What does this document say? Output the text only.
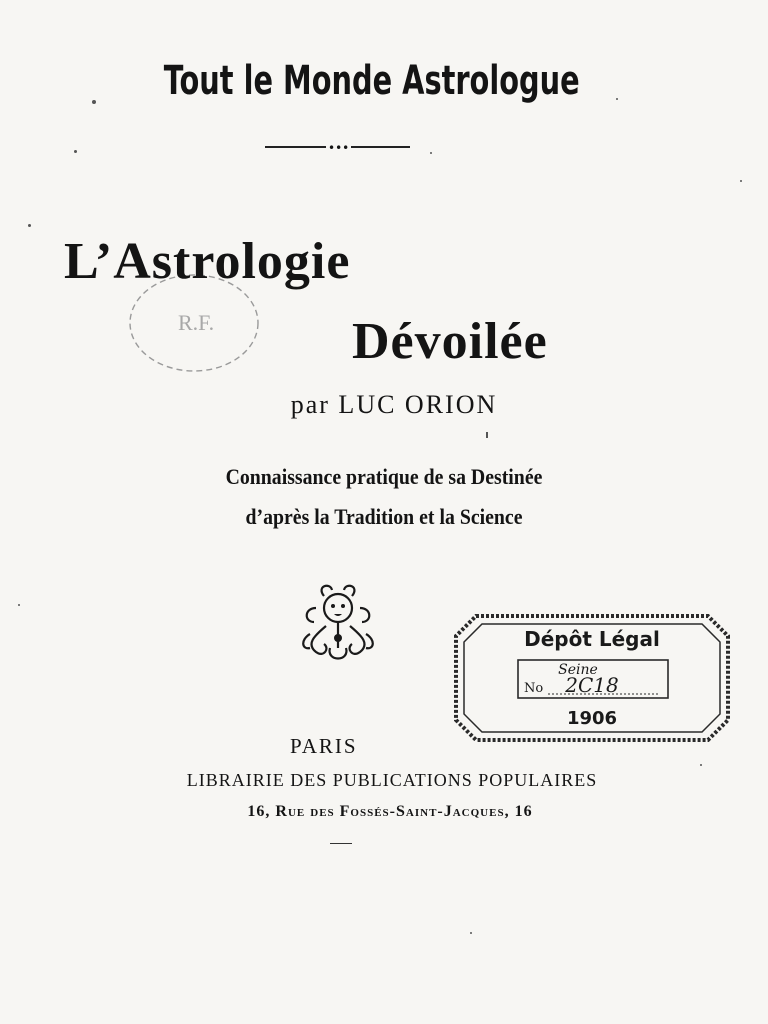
Tout le Monde Astrologue
•••
R.F.
L’Astrologie
Dévoilée
par LUC ORION
Connaissance pratique de sa Destinée
d’après la Tradition et la Science
Dépôt Légal
Seine
No 2C18
1906
PARIS
LIBRAIRIE DES PUBLICATIONS POPULAIRES
16, Rue des Fossés-Saint-Jacques, 16
